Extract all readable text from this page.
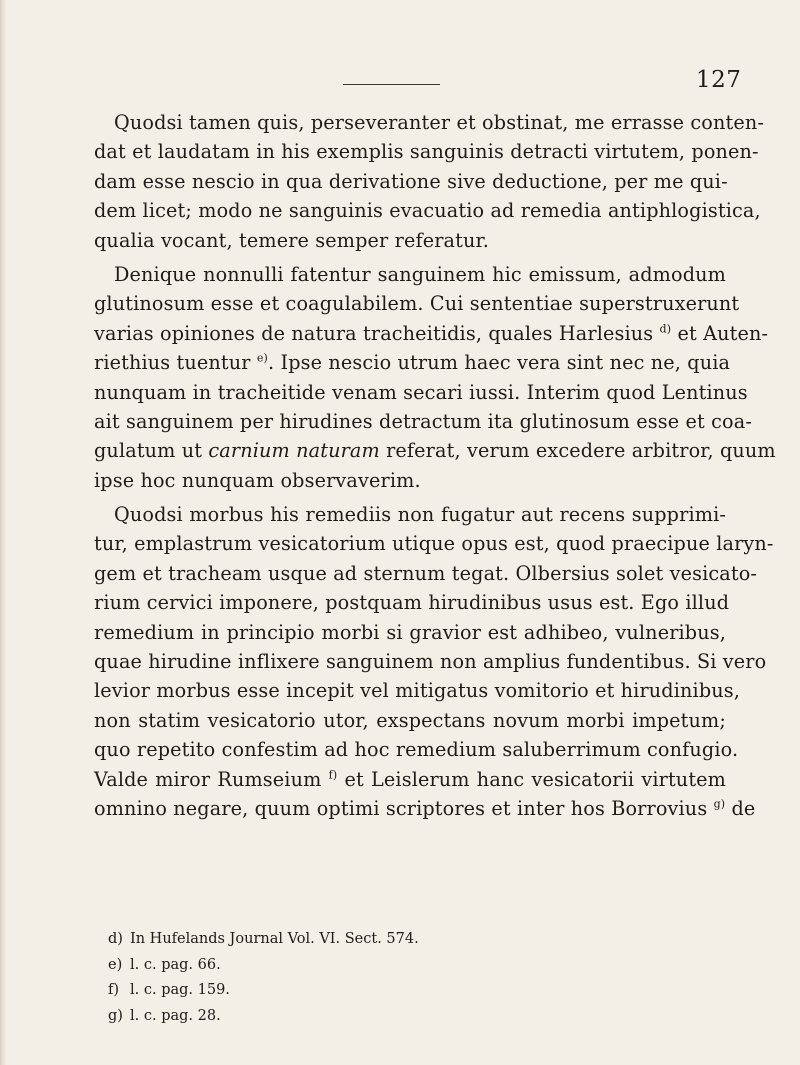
127
Quodsi tamen quis, perseveranter et obstinat, me errasse conten-
dat et laudatam in his exemplis sanguinis detracti virtutem, ponen-
dam esse nescio in qua derivatione sive deductione, per me qui-
dem licet; modo ne sanguinis evacuatio ad remedia antiphlogistica,
qualia vocant, temere semper referatur.
Denique nonnulli fatentur sanguinem hic emissum, admodum
glutinosum esse et coagulabilem. Cui sententiae superstruxerunt
varias opiniones de natura tracheitidis, quales Harlesius $^{d)}$ et Auten-
riethius tuentur $^{e)}$. Ipse nescio utrum haec vera sint nec ne, quia
nunquam in tracheitide venam secari iussi. Interim quod Lentinus
ait sanguinem per hirudines detractum ita glutinosum esse et coa-
gulatum ut carnium naturam referat, verum excedere arbitror, quum
ipse hoc nunquam observaverim.
Quodsi morbus his remediis non fugatur aut recens supprimi-
tur, emplastrum vesicatorium utique opus est, quod praecipue laryn-
gem et tracheam usque ad sternum tegat. Olbersius solet vesicato-
rium cervici imponere, postquam hirudinibus usus est. Ego illud
remedium in principio morbi si gravior est adhibeo, vulneribus,
quae hirudine inflixere sanguinem non amplius fundentibus. Si vero
levior morbus esse incepit vel mitigatus vomitorio et hirudinibus,
non statim vesicatorio utor, exspectans novum morbi impetum;
quo repetito confestim ad hoc remedium saluberrimum confugio.
Valde miror Rumseium $^{f)}$ et Leislerum hanc vesicatorii virtutem
omnino negare, quum optimi scriptores et inter hos Borrovius $^{g)}$ de
d) In Hufelands Journal Vol. VI. Sect. 574.
e) l. c. pag. 66.
f) l. c. pag. 159.
g) l. c. pag. 28.
